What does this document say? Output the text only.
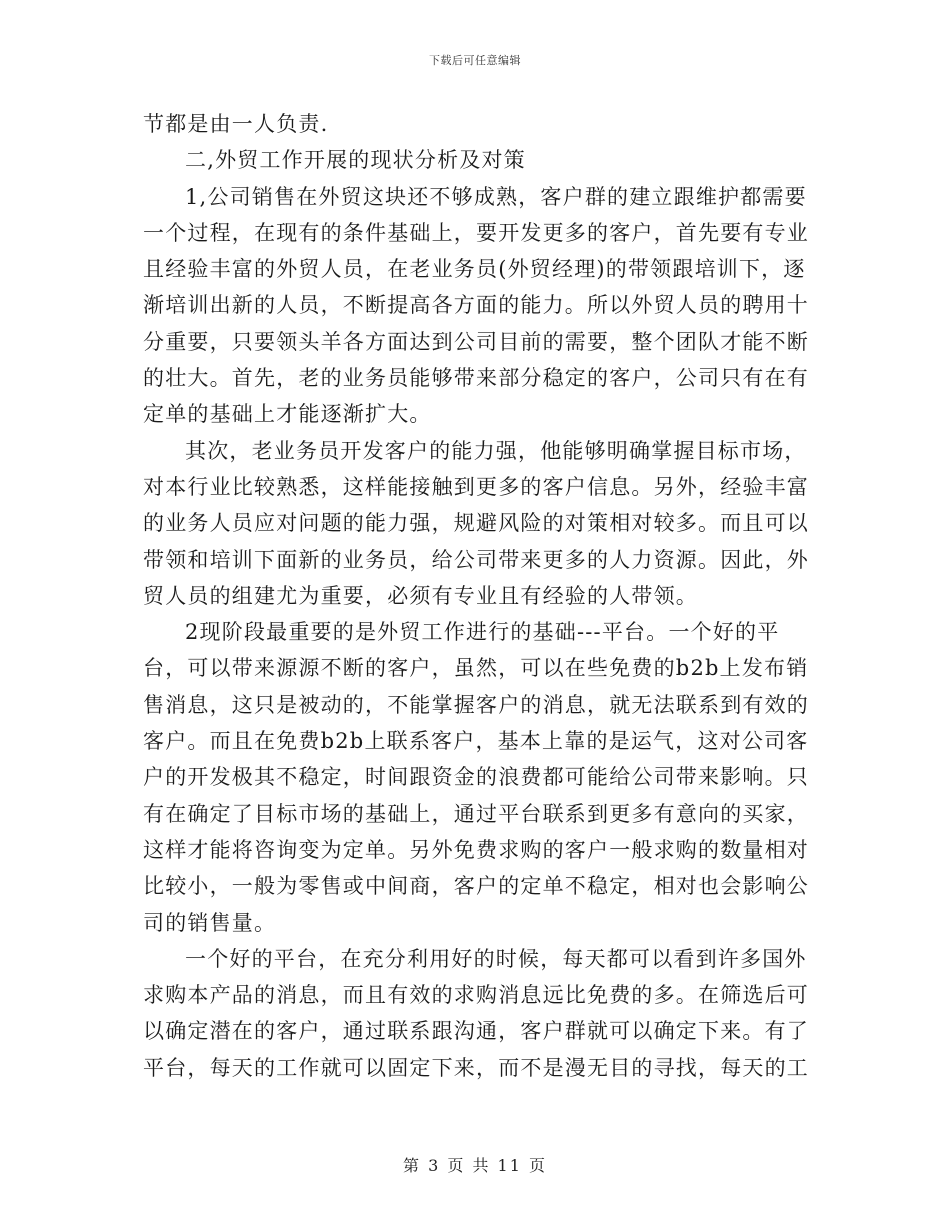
下载后可任意编辑

节都是由一人负责.

二,外贸工作开展的现状分析及对策

1,公司销售在外贸这块还不够成熟，客户群的建立跟维护都需要一个过程，在现有的条件基础上，要开发更多的客户，首先要有专业且经验丰富的外贸人员，在老业务员(外贸经理)的带领跟培训下，逐渐培训出新的人员，不断提高各方面的能力。所以外贸人员的聘用十分重要，只要领头羊各方面达到公司目前的需要，整个团队才能不断的壮大。首先，老的业务员能够带来部分稳定的客户，公司只有在有定单的基础上才能逐渐扩大。

其次，老业务员开发客户的能力强，他能够明确掌握目标市场，对本行业比较熟悉，这样能接触到更多的客户信息。另外，经验丰富的业务人员应对问题的能力强，规避风险的对策相对较多。而且可以带领和培训下面新的业务员，给公司带来更多的人力资源。因此，外贸人员的组建尤为重要，必须有专业且有经验的人带领。

2现阶段最重要的是外贸工作进行的基础---平台。一个好的平台，可以带来源源不断的客户，虽然，可以在些免费的b2b上发布销售消息，这只是被动的，不能掌握客户的消息，就无法联系到有效的客户。而且在免费b2b上联系客户，基本上靠的是运气，这对公司客户的开发极其不稳定，时间跟资金的浪费都可能给公司带来影响。只有在确定了目标市场的基础上，通过平台联系到更多有意向的买家，这样才能将咨询变为定单。另外免费求购的客户一般求购的数量相对比较小，一般为零售或中间商，客户的定单不稳定，相对也会影响公司的销售量。

一个好的平台，在充分利用好的时候，每天都可以看到许多国外求购本产品的消息，而且有效的求购消息远比免费的多。在筛选后可以确定潜在的客户，通过联系跟沟通，客户群就可以确定下来。有了平台，每天的工作就可以固定下来，而不是漫无目的寻找，每天的工

第 3 页 共 11 页
